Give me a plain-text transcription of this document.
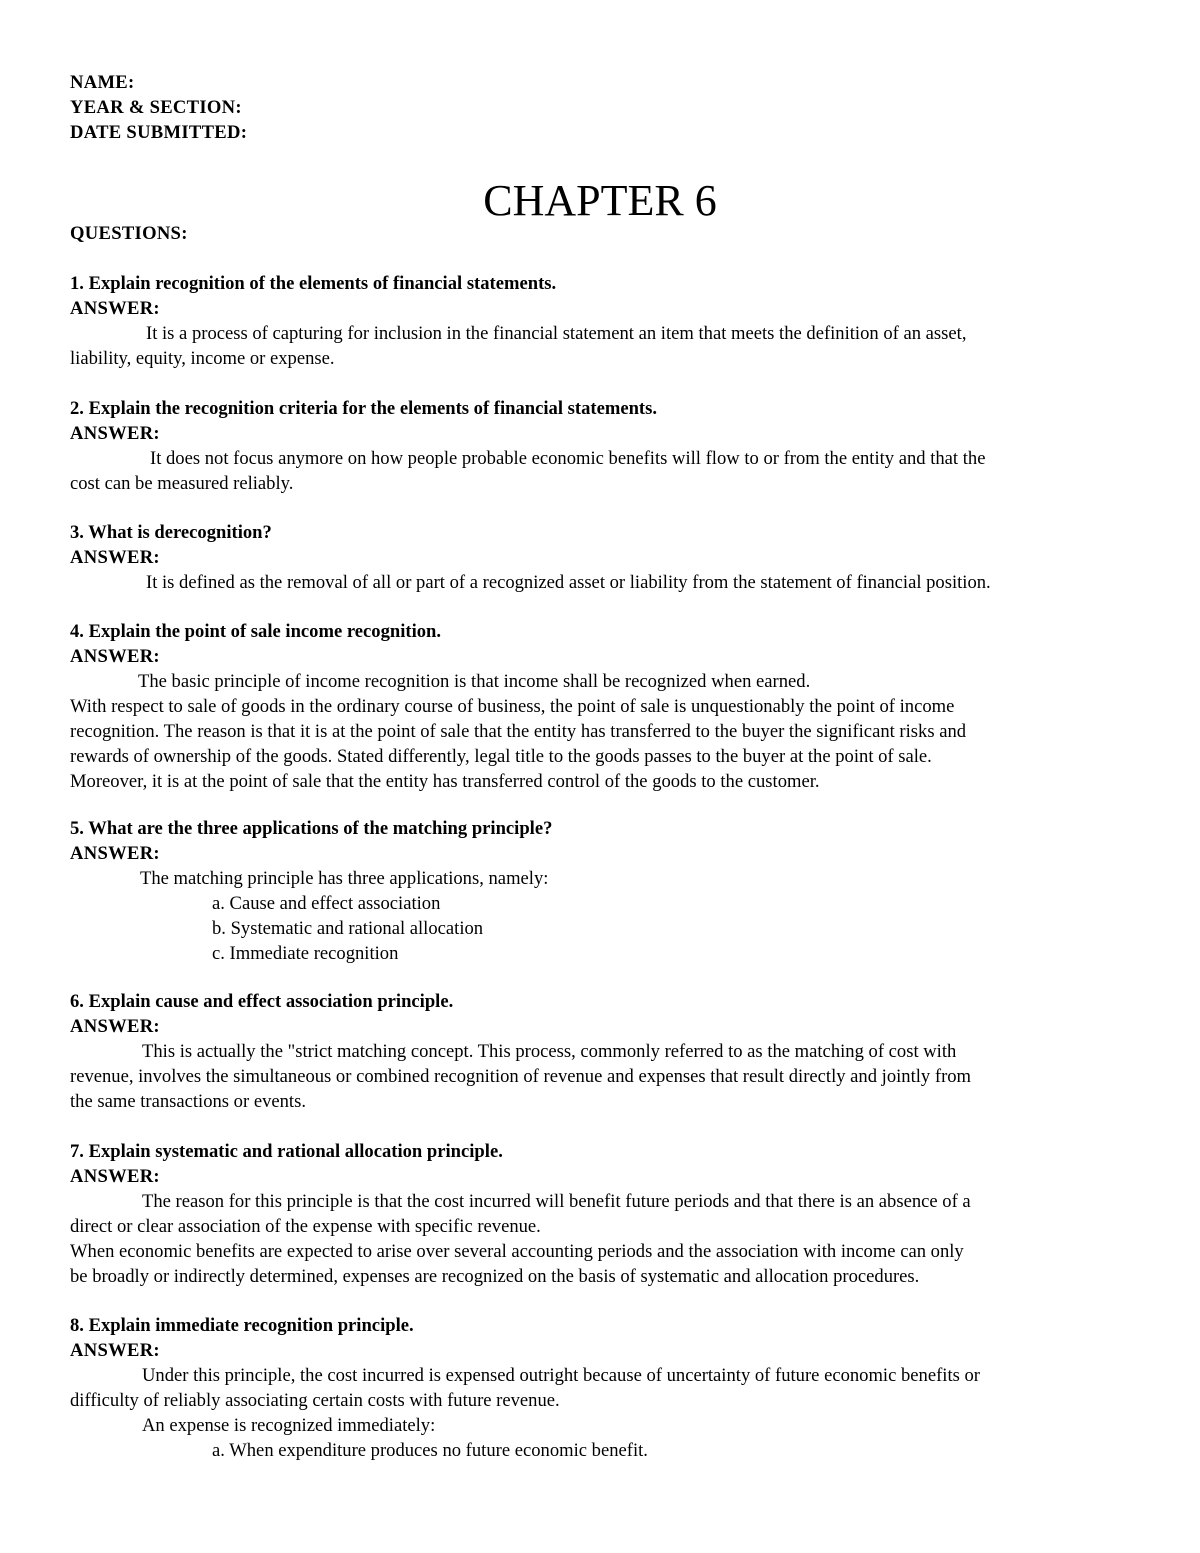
NAME:
YEAR & SECTION:
DATE SUBMITTED:
CHAPTER 6
QUESTIONS:
1. Explain recognition of the elements of financial statements.
ANSWER:
It is a process of capturing for inclusion in the financial statement an item that meets the definition of an asset,
liability, equity, income or expense.
2. Explain the recognition criteria for the elements of financial statements.
ANSWER:
It does not focus anymore on how people probable economic benefits will flow to or from the entity and that the
cost can be measured reliably.
3. What is derecognition?
ANSWER:
It is defined as the removal of all or part of a recognized asset or liability from the statement of financial position.
4. Explain the point of sale income recognition.
ANSWER:
The basic principle of income recognition is that income shall be recognized when earned.
With respect to sale of goods in the ordinary course of business, the point of sale is unquestionably the point of income
recognition. The reason is that it is at the point of sale that the entity has transferred to the buyer the significant risks and
rewards of ownership of the goods. Stated differently, legal title to the goods passes to the buyer at the point of sale.
Moreover, it is at the point of sale that the entity has transferred control of the goods to the customer.
5. What are the three applications of the matching principle?
ANSWER:
The matching principle has three applications, namely:
a. Cause and effect association
b. Systematic and rational allocation
c. Immediate recognition
6. Explain cause and effect association principle.
ANSWER:
This is actually the "strict matching concept. This process, commonly referred to as the matching of cost with
revenue, involves the simultaneous or combined recognition of revenue and expenses that result directly and jointly from
the same transactions or events.
7. Explain systematic and rational allocation principle.
ANSWER:
The reason for this principle is that the cost incurred will benefit future periods and that there is an absence of a
direct or clear association of the expense with specific revenue.
When economic benefits are expected to arise over several accounting periods and the association with income can only
be broadly or indirectly determined, expenses are recognized on the basis of systematic and allocation procedures.
8. Explain immediate recognition principle.
ANSWER:
Under this principle, the cost incurred is expensed outright because of uncertainty of future economic benefits or
difficulty of reliably associating certain costs with future revenue.
An expense is recognized immediately:
a. When expenditure produces no future economic benefit.
